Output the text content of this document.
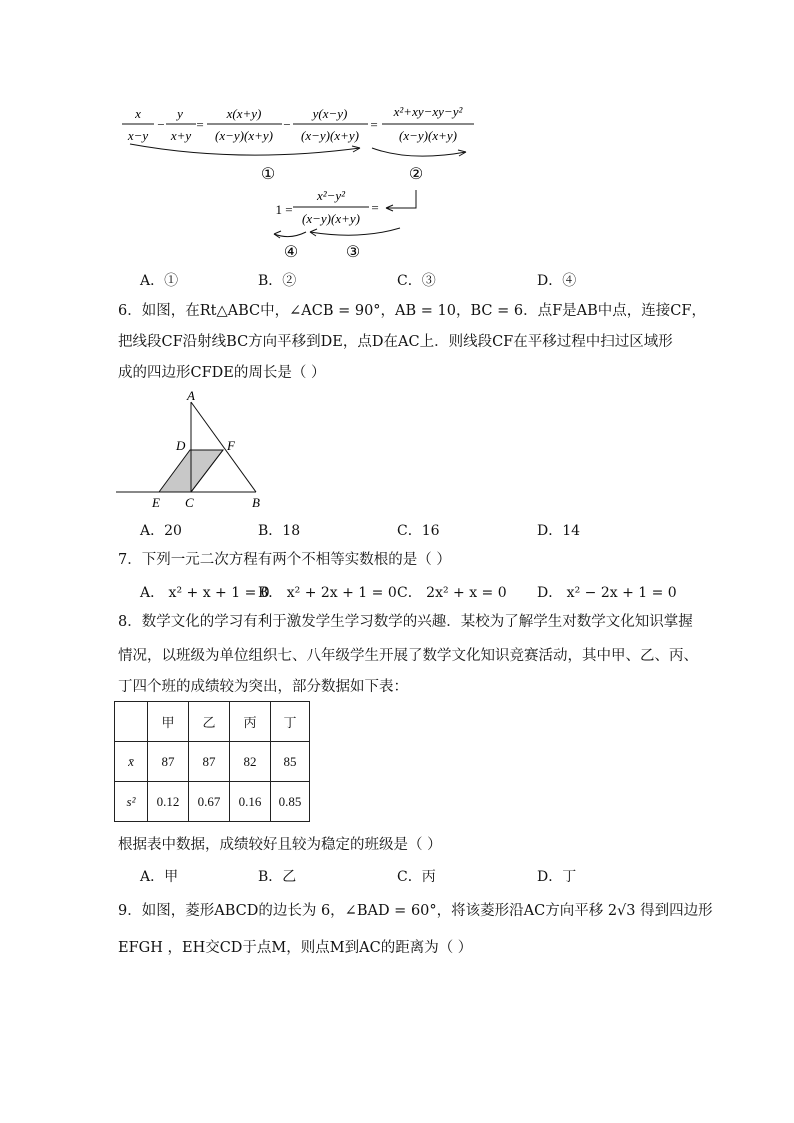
x
x−y
−
y
x+y
=
x(x+y)
(x−y)(x+y)
−
y(x−y)
(x−y)(x+y)
=
x²+xy−xy−y²
(x−y)(x+y)
①	②
1 =
x²−y²
(x−y)(x+y)
=
④	③
A．①	B．②	C．③	D．④
6．如图，在Rt△ABC中，∠ACB = 90°，AB = 10，BC = 6．点F是AB中点，连接CF，
把线段CF沿射线BC方向平移到DE，点D在AC上．则线段CF在平移过程中扫过区域形
成的四边形CFDE的周长是（ ）
A
D	F
E C	B
A．20	B．18	C．16	D．14
7．下列一元二次方程有两个不相等实数根的是（ ）
A． x² + x + 1 = 0
B． x² + 2x + 1 = 0 C． 2x² + x = 0 D． x² − 2x + 1 = 0
8．数学文化的学习有利于激发学生学习数学的兴趣．某校为了解学生对数学文化知识掌握
情况，以班级为单位组织七、八年级学生开展了数学文化知识竞赛活动，其中甲、乙、丙、
丁四个班的成绩较为突出，部分数据如下表：
	甲	乙	丙	丁
x̄	87	87	82	85
s²	0.12	0.67	0.16	0.85
根据表中数据，成绩较好且较为稳定的班级是（ ）
A．甲	B．乙	C．丙	D．丁
9．如图，菱形ABCD的边长为 6，∠BAD = 60°，将该菱形沿AC方向平移 2√3 得到四边形
EFGH ，EH交CD于点M，则点M到AC的距离为（ ）
